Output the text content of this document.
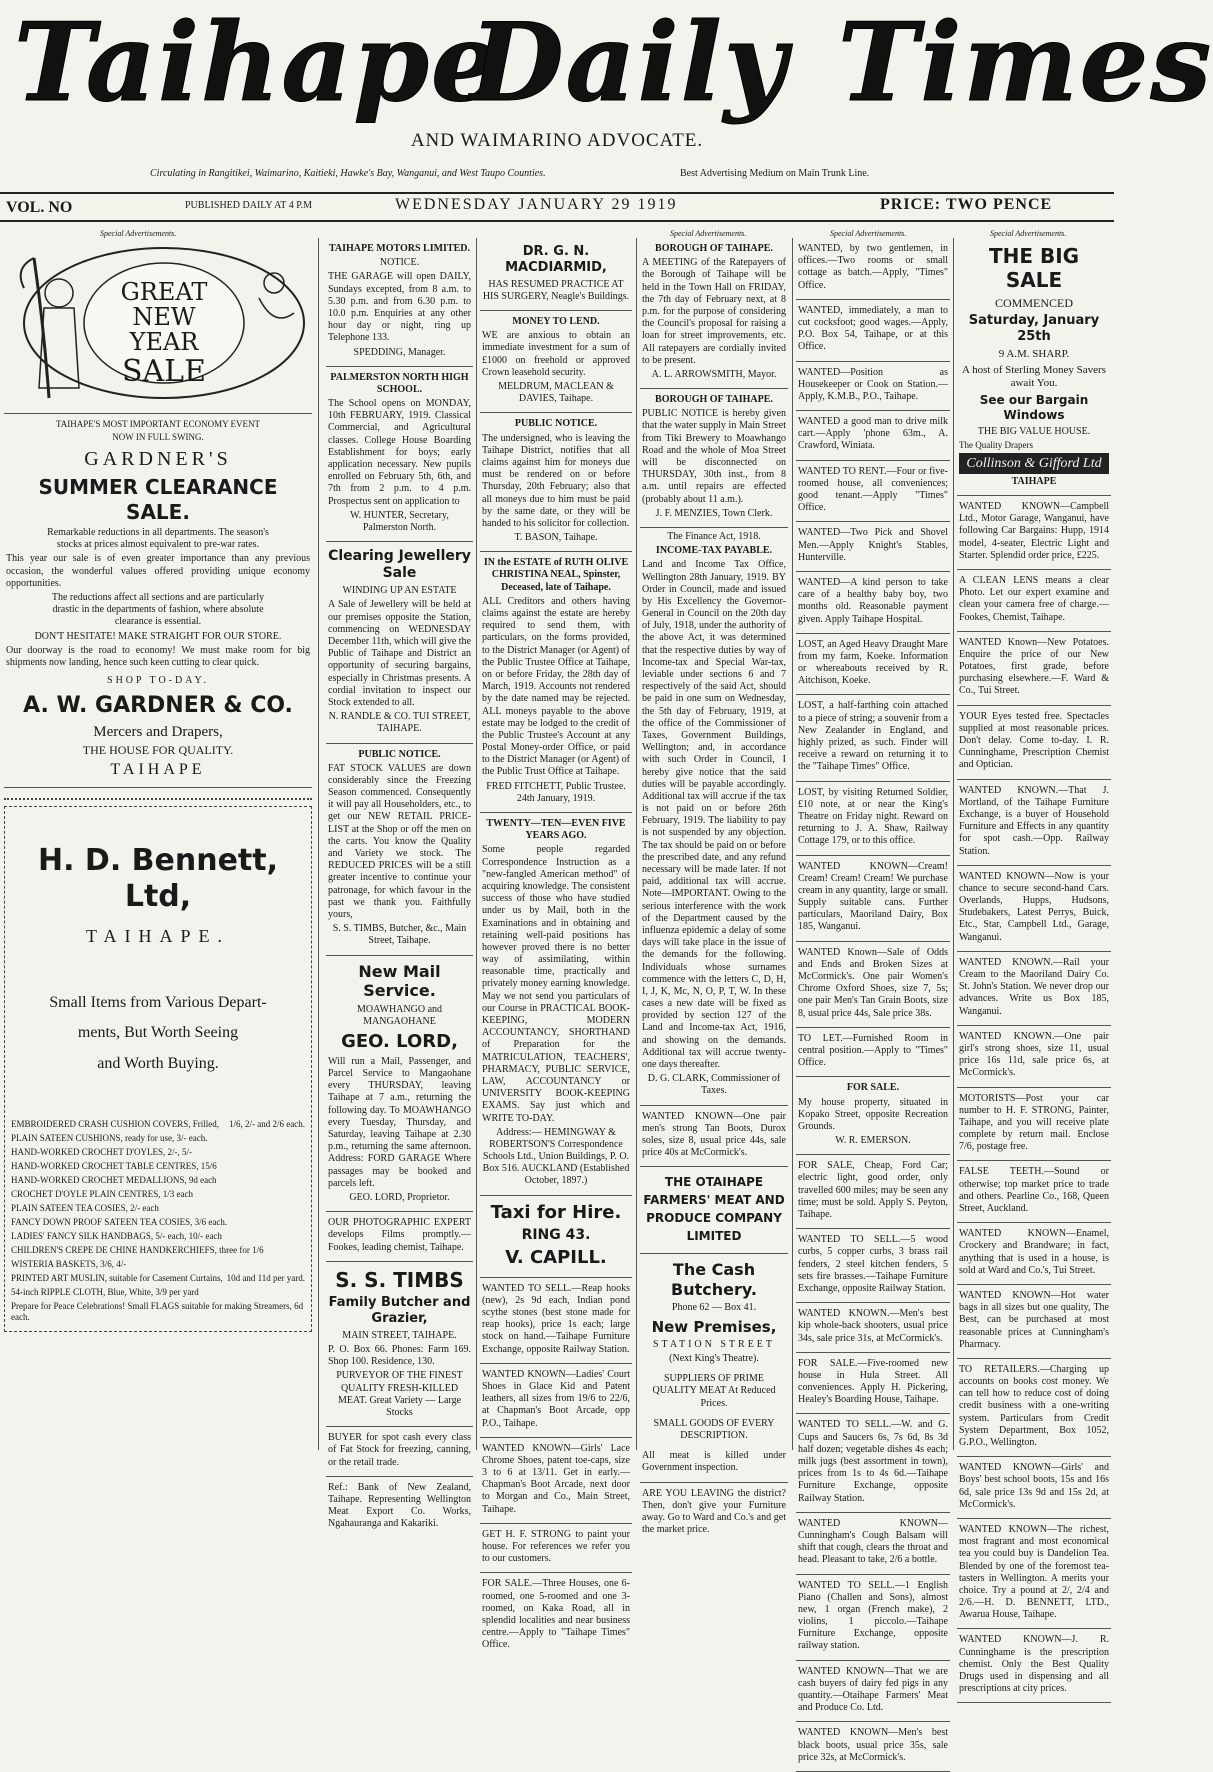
Taihape
Daily Times
AND WAIMARINO ADVOCATE.
Circulating in Rangitikei, Waimarino, Kaitieki, Hawke's Bay, Wanganui, and West Taupo Counties.	Best Advertising Medium on Main Trunk Line.
VOL. NO	PUBLISHED DAILY AT 4 P.M	WEDNESDAY JANUARY 29 1919	PRICE: TWO PENCE
Special Advertisements.	Special Advertisements.	Special Advertisements.	Special Advertisements.
GREAT
NEW YEAR
SALE

TAIHAPE'S MOST IMPORTANT ECONOMY EVENT

NOW IN FULL SWING.

GARDNER'S
SUMMER CLEARANCE SALE.

Remarkable reductions in all departments. The season's stocks at prices almost equivalent to pre-war rates.

This year our sale is of even greater importance than any previous occasion, the wonderful values offered providing unique economy opportunities.

The reductions affect all sections and are particularly drastic in the departments of fashion, where absolute clearance is essential.

DON'T HESITATE! MAKE STRAIGHT FOR OUR STORE.

Our doorway is the road to economy! We must make room for big shipments now landing, hence such keen cutting to clear quick.

SHOP TO-DAY.

A. W. GARDNER & CO.

Mercers and Drapers,

THE HOUSE FOR QUALITY.

TAIHAPE

H. D. Bennett, Ltd,
TAIHAPE.
Small Items from Various Depart-
ments, But Worth Seeing
and Worth Buying.
EMBROIDERED CRASH CUSHION COVERS, Frilled, 1/6, 2/- and 2/6 each.
PLAIN SATEEN CUSHIONS, ready for use, 3/- each.
HAND-WORKED CROCHET D'OYLES, 2/-, 5/-
HAND-WORKED CROCHET TABLE CENTRES, 15/6
HAND-WORKED CROCHET MEDALLIONS, 9d each
CROCHET D'OYLE PLAIN CENTRES, 1/3 each
PLAIN SATEEN TEA COSIES, 2/- each
FANCY DOWN PROOF SATEEN TEA COSIES, 3/6 each.
LADIES' FANCY SILK HANDBAGS, 5/- each, 10/- each
CHILDREN'S CREPE DE CHINE HANDKERCHIEFS, three for 1/6
WISTERIA BASKETS, 3/6, 4/-
PRINTED ART MUSLIN, suitable for Casement Curtains, 10d and 11d per yard.
54-inch RIPPLE CLOTH, Blue, White, 3/9 per yard
Prepare for Peace Celebrations! Small FLAGS suitable for making Streamers, 6d each.
TAIHAPE MOTORS LIMITED.
NOTICE.

THE GARAGE will open DAILY, Sundays excepted, from 8 a.m. to 5.30 p.m. and from 6.30 p.m. to 10.0 p.m. Enquiries at any other hour day or night, ring up Telephone 133.

SPEDDING, Manager.

PALMERSTON NORTH HIGH SCHOOL.

The School opens on MONDAY, 10th FEBRUARY, 1919. Classical Commercial, and Agricultural classes. College House Boarding Establishment for boys; early application necessary. New pupils enrolled on February 5th, 6th, and 7th from 2 p.m. to 4 p.m. Prospectus sent on application to

W. HUNTER, Secretary, Palmerston North.

Clearing Jewellery Sale
WINDING UP AN ESTATE

A Sale of Jewellery will be held at our premises opposite the Station, commencing on WEDNESDAY December 11th, which will give the Public of Taihape and District an opportunity of securing bargains, especially in Christmas presents. A cordial invitation to inspect our Stock extended to all.

N. RANDLE & CO. TUI STREET, TAIHAPE.

PUBLIC NOTICE.

FAT STOCK VALUES are down considerably since the Freezing Season commenced. Consequently it will pay all Householders, etc., to get our NEW RETAIL PRICE-LIST at the Shop or off the men on the carts. You know the Quality and Variety we stock. The REDUCED PRICES will be a still greater incentive to continue your patronage, for which favour in the past we thank you. Faithfully yours,

S. S. TIMBS, Butcher, &c., Main Street, Taihape.

New Mail Service.
MOAWHANGO and MANGAOHANE
GEO. LORD,

Will run a Mail, Passenger, and Parcel Service to Mangaohane every THURSDAY, leaving Taihape at 7 a.m., returning the following day. To MOAWHANGO every Tuesday, Thursday, and Saturday, leaving Taihape at 2.30 p.m., returning the same afternoon. Address: FORD GARAGE Where passages may be booked and parcels left.

GEO. LORD, Proprietor.

OUR PHOTOGRAPHIC EXPERT develops Films promptly.—Fookes, leading chemist, Taihape.

S. S. TIMBS
Family Butcher and Grazier,

MAIN STREET, TAIHAPE.

P. O. Box 66. Phones: Farm 169. Shop 100. Residence, 130.

PURVEYOR OF THE FINEST QUALITY FRESH-KILLED MEAT. Great Variety — Large Stocks

BUYER for spot cash every class of Fat Stock for freezing, canning, or the retail trade.

Ref.: Bank of New Zealand, Taihape. Representing Wellington Meat Export Co. Works, Ngahauranga and Kakariki.

DR. G. N. MACDIARMID,

HAS RESUMED PRACTICE AT HIS SURGERY, Neagle's Buildings.

MONEY TO LEND.

WE are anxious to obtain an immediate investment for a sum of £1000 on freehold or approved Crown leasehold security.

MELDRUM, MACLEAN & DAVIES, Taihape.

PUBLIC NOTICE.

The undersigned, who is leaving the Taihape District, notifies that all claims against him for moneys due must be rendered on or before Thursday, 20th February; also that all moneys due to him must be paid by the same date, or they will be handed to his solicitor for collection.

T. BASON, Taihape.

IN the ESTATE of RUTH OLIVE CHRISTINA NEAL, Spinster, Deceased, late of Taihape.

ALL Creditors and others having claims against the estate are hereby required to send them, with particulars, on the forms provided, to the District Manager (or Agent) of the Public Trustee Office at Taihape, on or before Friday, the 28th day of March, 1919. Accounts not rendered by the date named may be rejected. ALL moneys payable to the above estate may be lodged to the credit of the Public Trustee's Account at any Postal Money-order Office, or paid to the District Manager (or Agent) of the Public Trust Office at Taihape.

FRED FITCHETT, Public Trustee. 24th January, 1919.

TWENTY—TEN—EVEN FIVE YEARS AGO.

Some people regarded Correspondence Instruction as a "new-fangled American method" of acquiring knowledge. The consistent success of those who have studied under us by Mail, both in the Examinations and in obtaining and retaining well-paid positions has however proved there is no better way of assimilating, within reasonable time, practically and privately money earning knowledge. May we not send you particulars of our Course in PRACTICAL BOOK-KEEPING, MODERN ACCOUNTANCY, SHORTHAND of Preparation for the MATRICULATION, TEACHERS', PHARMACY, PUBLIC SERVICE, LAW, ACCOUNTANCY or UNIVERSITY BOOK-KEEPING EXAMS. Say just which and WRITE TO-DAY.

Address:— HEMINGWAY & ROBERTSON'S Correspondence Schools Ltd., Union Buildings, P. O. Box 516. AUCKLAND (Established October, 1897.)

Taxi for Hire.
RING 43.
V. CAPILL.

WANTED TO SELL.—Reap hooks (new), 2s 9d each, Indian pond scythe stones (best stone made for reap hooks), price 1s each; large stock on hand.—Taihape Furniture Exchange, opposite Railway Station.

WANTED KNOWN—Ladies' Court Shoes in Glace Kid and Patent leathers, all sizes from 19/6 to 22/6, at Chapman's Boot Arcade, opp P.O., Taihape.

WANTED KNOWN—Girls' Lace Chrome Shoes, patent toe-caps, size 3 to 6 at 13/11. Get in early.—Chapman's Boot Arcade, next door to Morgan and Co., Main Street, Taihape.

GET H. F. STRONG to paint your house. For references we refer you to our customers.

FOR SALE.—Three Houses, one 6-roomed, one 5-roomed and one 3-roomed, on Kaka Road, all in splendid localities and near business centre.—Apply to "Taihape Times" Office.

BOROUGH OF TAIHAPE.

A MEETING of the Ratepayers of the Borough of Taihape will be held in the Town Hall on FRIDAY, the 7th day of February next, at 8 p.m. for the purpose of considering the Council's proposal for raising a loan for street improvements, etc. All ratepayers are cordially invited to be present.

A. L. ARROWSMITH, Mayor.

BOROUGH OF TAIHAPE.

PUBLIC NOTICE is hereby given that the water supply in Main Street from Tiki Brewery to Moawhango Road and the whole of Moa Street will be disconnected on THURSDAY, 30th inst., from 8 a.m. until repairs are effected (probably about 11 a.m.).

J. F. MENZIES, Town Clerk.

The Finance Act, 1918.
INCOME-TAX PAYABLE.

Land and Income Tax Office, Wellington 28th January, 1919. BY Order in Council, made and issued by His Excellency the Governor-General in Council on the 20th day of July, 1918, under the authority of the above Act, it was determined that the respective duties by way of Income-tax and Special War-tax, leviable under sections 6 and 7 respectively of the said Act, should be paid in one sum on Wednesday, the 5th day of February, 1919, at the office of the Commissioner of Taxes, Government Buildings, Wellington; and, in accordance with such Order in Council, I hereby give notice that the said duties will be payable accordingly. Additional tax will accrue if the tax is not paid on or before 26th February, 1919. The liability to pay is not suspended by any objection. The tax should be paid on or before the prescribed date, and any refund necessary will be made later. If not paid, additional tax will accrue. Note—IMPORTANT. Owing to the serious interference with the work of the Department caused by the influenza epidemic a delay of some days will take place in the issue of the demands for the following. Individuals whose surnames commence with the letters C, D, H, I, J, K, Mc, N, O, P, T, W. In these cases a new date will be fixed as provided by section 127 of the Land and Income-tax Act, 1916, and showing on the demands. Additional tax will accrue twenty-one days thereafter.

D. G. CLARK, Commissioner of Taxes.

WANTED KNOWN—One pair men's strong Tan Boots, Durox soles, size 8, usual price 44s, sale price 40s at McCormick's.

THE OTAIHAPE FARMERS' MEAT AND PRODUCE COMPANY LIMITED
The Cash Butchery.

Phone 62 — Box 41.

New Premises,

STATION STREET

(Next King's Theatre).

SUPPLIERS OF PRIME QUALITY MEAT At Reduced Prices.

SMALL GOODS OF EVERY DESCRIPTION.

All meat is killed under Government inspection.

ARE YOU LEAVING the district? Then, don't give your Furniture away. Go to Ward and Co.'s and get the market price.

WANTED, by two gentlemen, in offices.—Two rooms or small cottage as batch.—Apply, "Times" Office.

WANTED, immediately, a man to cut cocksfoot; good wages.—Apply, P.O. Box 54, Taihape, or at this Office.

WANTED—Position as Housekeeper or Cook on Station.—Apply, K.M.B., P.O., Taihape.

WANTED a good man to drive milk cart.—Apply 'phone 63m., A. Crawford, Winiata.

WANTED TO RENT.—Four or five-roomed house, all conveniences; good tenant.—Apply "Times" Office.

WANTED—Two Pick and Shovel Men.—Apply Knight's Stables, Hunterville.

WANTED—A kind person to take care of a healthy baby boy, two months old. Reasonable payment given. Apply Taihape Hospital.

LOST, an Aged Heavy Draught Mare from my farm, Koeke. Information or whereabouts received by R. Aitchison, Koeke.

LOST, a half-farthing coin attached to a piece of string; a souvenir from a New Zealander in England, and highly prized, as such. Finder will receive a reward on returning it to the "Taihape Times" Office.

LOST, by visiting Returned Soldier, £10 note, at or near the King's Theatre on Friday night. Reward on returning to J. A. Shaw, Railway Cottage 179, or to this office.

WANTED KNOWN—Cream! Cream! Cream! Cream! We purchase cream in any quantity, large or small. Supply suitable cans. Further particulars, Maoriland Dairy, Box 185, Wanganui.

WANTED Known—Sale of Odds and Ends and Broken Sizes at McCormick's. One pair Women's Chrome Oxford Shoes, size 7, 5s; one pair Men's Tan Grain Boots, size 8, usual price 44s, Sale price 38s.

TO LET.—Furnished Room in central position.—Apply to "Times" Office.

FOR SALE.

My house property, situated in Kopako Street, opposite Recreation Grounds.

W. R. EMERSON.

FOR SALE, Cheap, Ford Car; electric light, good order, only travelled 600 miles; may be seen any time; must be sold. Apply S. Peyton, Taihape.

WANTED TO SELL.—5 wood curbs, 5 copper curbs, 3 brass rail fenders, 2 steel kitchen fenders, 5 sets fire brasses.—Taihape Furniture Exchange, opposite Railway Station.

WANTED KNOWN.—Men's best kip whole-back shooters, usual price 34s, sale price 31s, at McCormick's.

FOR SALE.—Five-roomed new house in Hula Street. All conveniences. Apply H. Pickering, Healey's Boarding House, Taihape.

WANTED TO SELL.—W. and G. Cups and Saucers 6s, 7s 6d, 8s 3d half dozen; vegetable dishes 4s each; milk jugs (best assortment in town), prices from 1s to 4s 6d.—Taihape Furniture Exchange, opposite Railway Station.

WANTED KNOWN—Cunningham's Cough Balsam will shift that cough, clears the throat and head. Pleasant to take, 2/6 a bottle.

WANTED TO SELL.—1 English Piano (Challen and Sons), almost new, 1 organ (French make), 2 violins, 1 piccolo.—Taihape Furniture Exchange, opposite railway station.

WANTED KNOWN—That we are cash buyers of dairy fed pigs in any quantity.—Otaihape Farmers' Meat and Produce Co. Ltd.

WANTED KNOWN—Men's best black boots, usual price 35s, sale price 32s, at McCormick's.

THE BIG SALE

COMMENCED

Saturday, January 25th

9 A.M. SHARP.

A host of Sterling Money Savers await You.

See our Bargain Windows

THE BIG VALUE HOUSE.

The Quality Drapers

Collinson & Gifford Ltd

TAIHAPE

WANTED KNOWN—Campbell Ltd., Motor Garage, Wanganui, have following Car Bargains: Hupp, 1914 model, 4-seater, Electric Light and Starter. Splendid order price, £225.

A CLEAN LENS means a clear Photo. Let our expert examine and clean your camera free of charge.—Fookes, Chemist, Taihape.

WANTED Known—New Potatoes. Enquire the price of our New Potatoes, first grade, before purchasing elsewhere.—F. Ward & Co., Tui Street.

YOUR Eyes tested free. Spectacles supplied at most reasonable prices. Don't delay. Come to-day. I. R. Cunninghame, Prescription Chemist and Optician.

WANTED KNOWN.—That J. Mortland, of the Taihape Furniture Exchange, is a buyer of Household Furniture and Effects in any quantity for spot cash.—Opp. Railway Station.

WANTED KNOWN—Now is your chance to secure second-hand Cars. Overlands, Hupps, Hudsons, Studebakers, Latest Perrys, Buick, Etc., Star, Campbell Ltd., Garage, Wanganui.

WANTED KNOWN.—Rail your Cream to the Maoriland Dairy Co. St. John's Station. We never drop our advances. Write us Box 185, Wanganui.

WANTED KNOWN.—One pair girl's strong shoes, size 11, usual price 16s 11d, sale price 6s, at McCormick's.

MOTORISTS—Post your car number to H. F. STRONG, Painter, Taihape, and you will receive plate complete by return mail. Enclose 7/6, postage free.

FALSE TEETH.—Sound or otherwise; top market price to trade and others. Pearline Co., 168, Queen Street, Auckland.

WANTED KNOWN—Enamel, Crockery and Brandware; in fact, anything that is used in a house, is sold at Ward and Co.'s, Tui Street.

WANTED KNOWN—Hot water bags in all sizes but one quality, The Best, can be purchased at most reasonable prices at Cunningham's Pharmacy.

TO RETAILERS.—Charging up accounts on books cost money. We can tell how to reduce cost of doing credit business with a one-writing system. Particulars from Credit System Department, Box 1052, G.P.O., Wellington.

WANTED KNOWN—Girls' and Boys' best school boots, 15s and 16s 6d, sale price 13s 9d and 15s 2d, at McCormick's.

WANTED KNOWN—The richest, most fragrant and most economical tea you could buy is Dandelion Tea. Blended by one of the foremost tea-tasters in Wellington. A merits your choice. Try a pound at 2/, 2/4 and 2/6.—H. D. BENNETT, LTD., Awarua House, Taihape.

WANTED KNOWN—J. R. Cunninghame is the prescription chemist. Only the Best Quality Drugs used in dispensing and all prescriptions at city prices.
